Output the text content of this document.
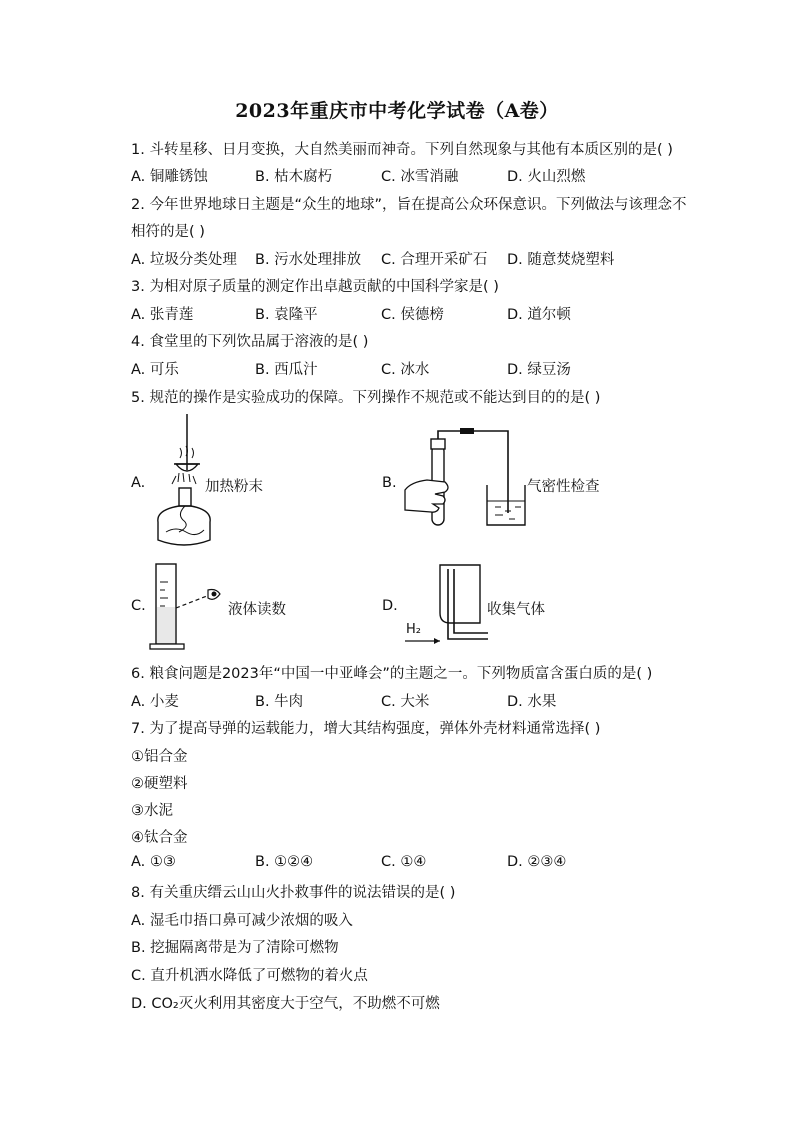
2023年重庆市中考化学试卷（A卷）
1. 斗转星移、日月变换，大自然美丽而神奇。下列自然现象与其他有本质区别的是( )
A. 铜雕锈蚀	B. 枯木腐朽	C. 冰雪消融	D. 火山烈燃
2. 今年世界地球日主题是“众生的地球”，旨在提高公众环保意识。下列做法与该理念不
相符的是( )
A. 垃圾分类处理 B. 污水处理排放 C. 合理开采矿石 D. 随意焚烧塑料
3. 为相对原子质量的测定作出卓越贡献的中国科学家是( )
A. 张青莲	B. 袁隆平	C. 侯德榜	D. 道尔顿
4. 食堂里的下列饮品属于溶液的是( )
A. 可乐	B. 西瓜汁	C. 冰水	D. 绿豆汤
5. 规范的操作是实验成功的保障。下列操作不规范或不能达到目的的是( )
A.	加热粉末	B.	气密性检查
C.	液体读数	D.
H₂
收集气体
6. 粮食问题是2023年“中国一中亚峰会”的主题之一。下列物质富含蛋白质的是( )
A. 小麦	B. 牛肉	C. 大米	D. 水果
7. 为了提高导弹的运载能力，增大其结构强度，弹体外壳材料通常选择( )
①铝合金
②硬塑料
③水泥
④钛合金
A. ①③	B. ①②④	C. ①④	D. ②③④
8. 有关重庆缙云山山火扑救事件的说法错误的是( )
A. 湿毛巾捂口鼻可减少浓烟的吸入
B. 挖掘隔离带是为了清除可燃物
C. 直升机洒水降低了可燃物的着火点
D. CO₂灭火利用其密度大于空气，不助燃不可燃
